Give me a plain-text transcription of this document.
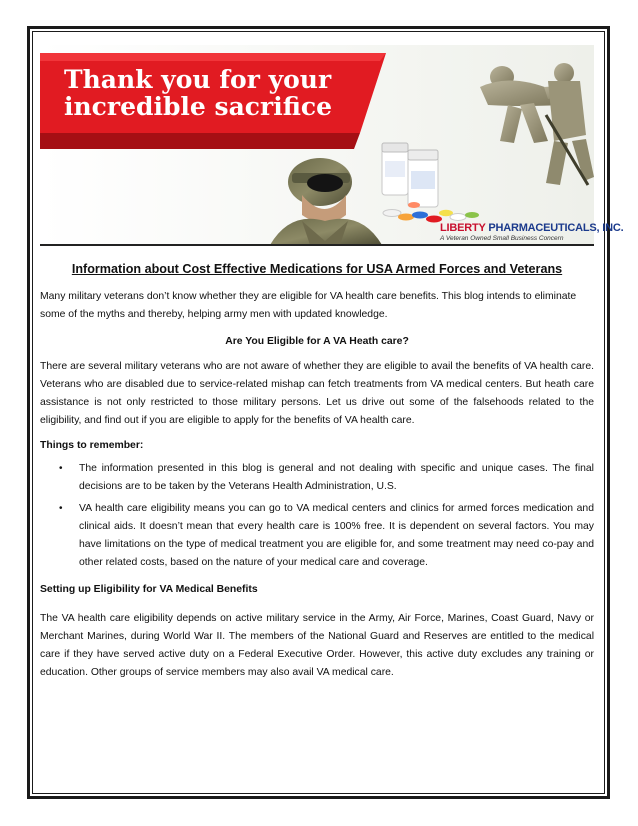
Thank you for your
incredible sacrifice
LIBERTY PHARMACEUTICALS, INC.
A Veteran Owned Small Business Concern
Information about Cost Effective Medications for USA Armed Forces and Veterans

Many military veterans don’t know whether they are eligible for VA health care benefits. This blog intends to eliminate some of the myths and thereby, helping army men with updated knowledge.

Are You Eligible for A VA Heath care?

There are several military veterans who are not aware of whether they are eligible to avail the benefits of VA health care. Veterans who are disabled due to service-related mishap can fetch treatments from VA medical centers. But heath care assistance is not only restricted to those military persons. Let us drive out some of the falsehoods related to the eligibility, and find out if you are eligible to apply for the benefits of VA health care.

Things to remember:
• The information presented in this blog is general and not dealing with specific and unique cases. The final decisions are to be taken by the Veterans Health Administration, U.S.
• VA health care eligibility means you can go to VA medical centers and clinics for armed forces medication and clinical aids. It doesn’t mean that every health care is 100% free. It is dependent on several factors. You may have limitations on the type of medical treatment you are eligible for, and some treatment may need co-pay and other related costs, based on the nature of your medical care and coverage.
Setting up Eligibility for VA Medical Benefits

The VA health care eligibility depends on active military service in the Army, Air Force, Marines, Coast Guard, Navy or Merchant Marines, during World War II. The members of the National Guard and Reserves are entitled to the medical care if they have served active duty on a Federal Executive Order. However, this active duty excludes any training or education. Other groups of service members may also avail VA medical care.
